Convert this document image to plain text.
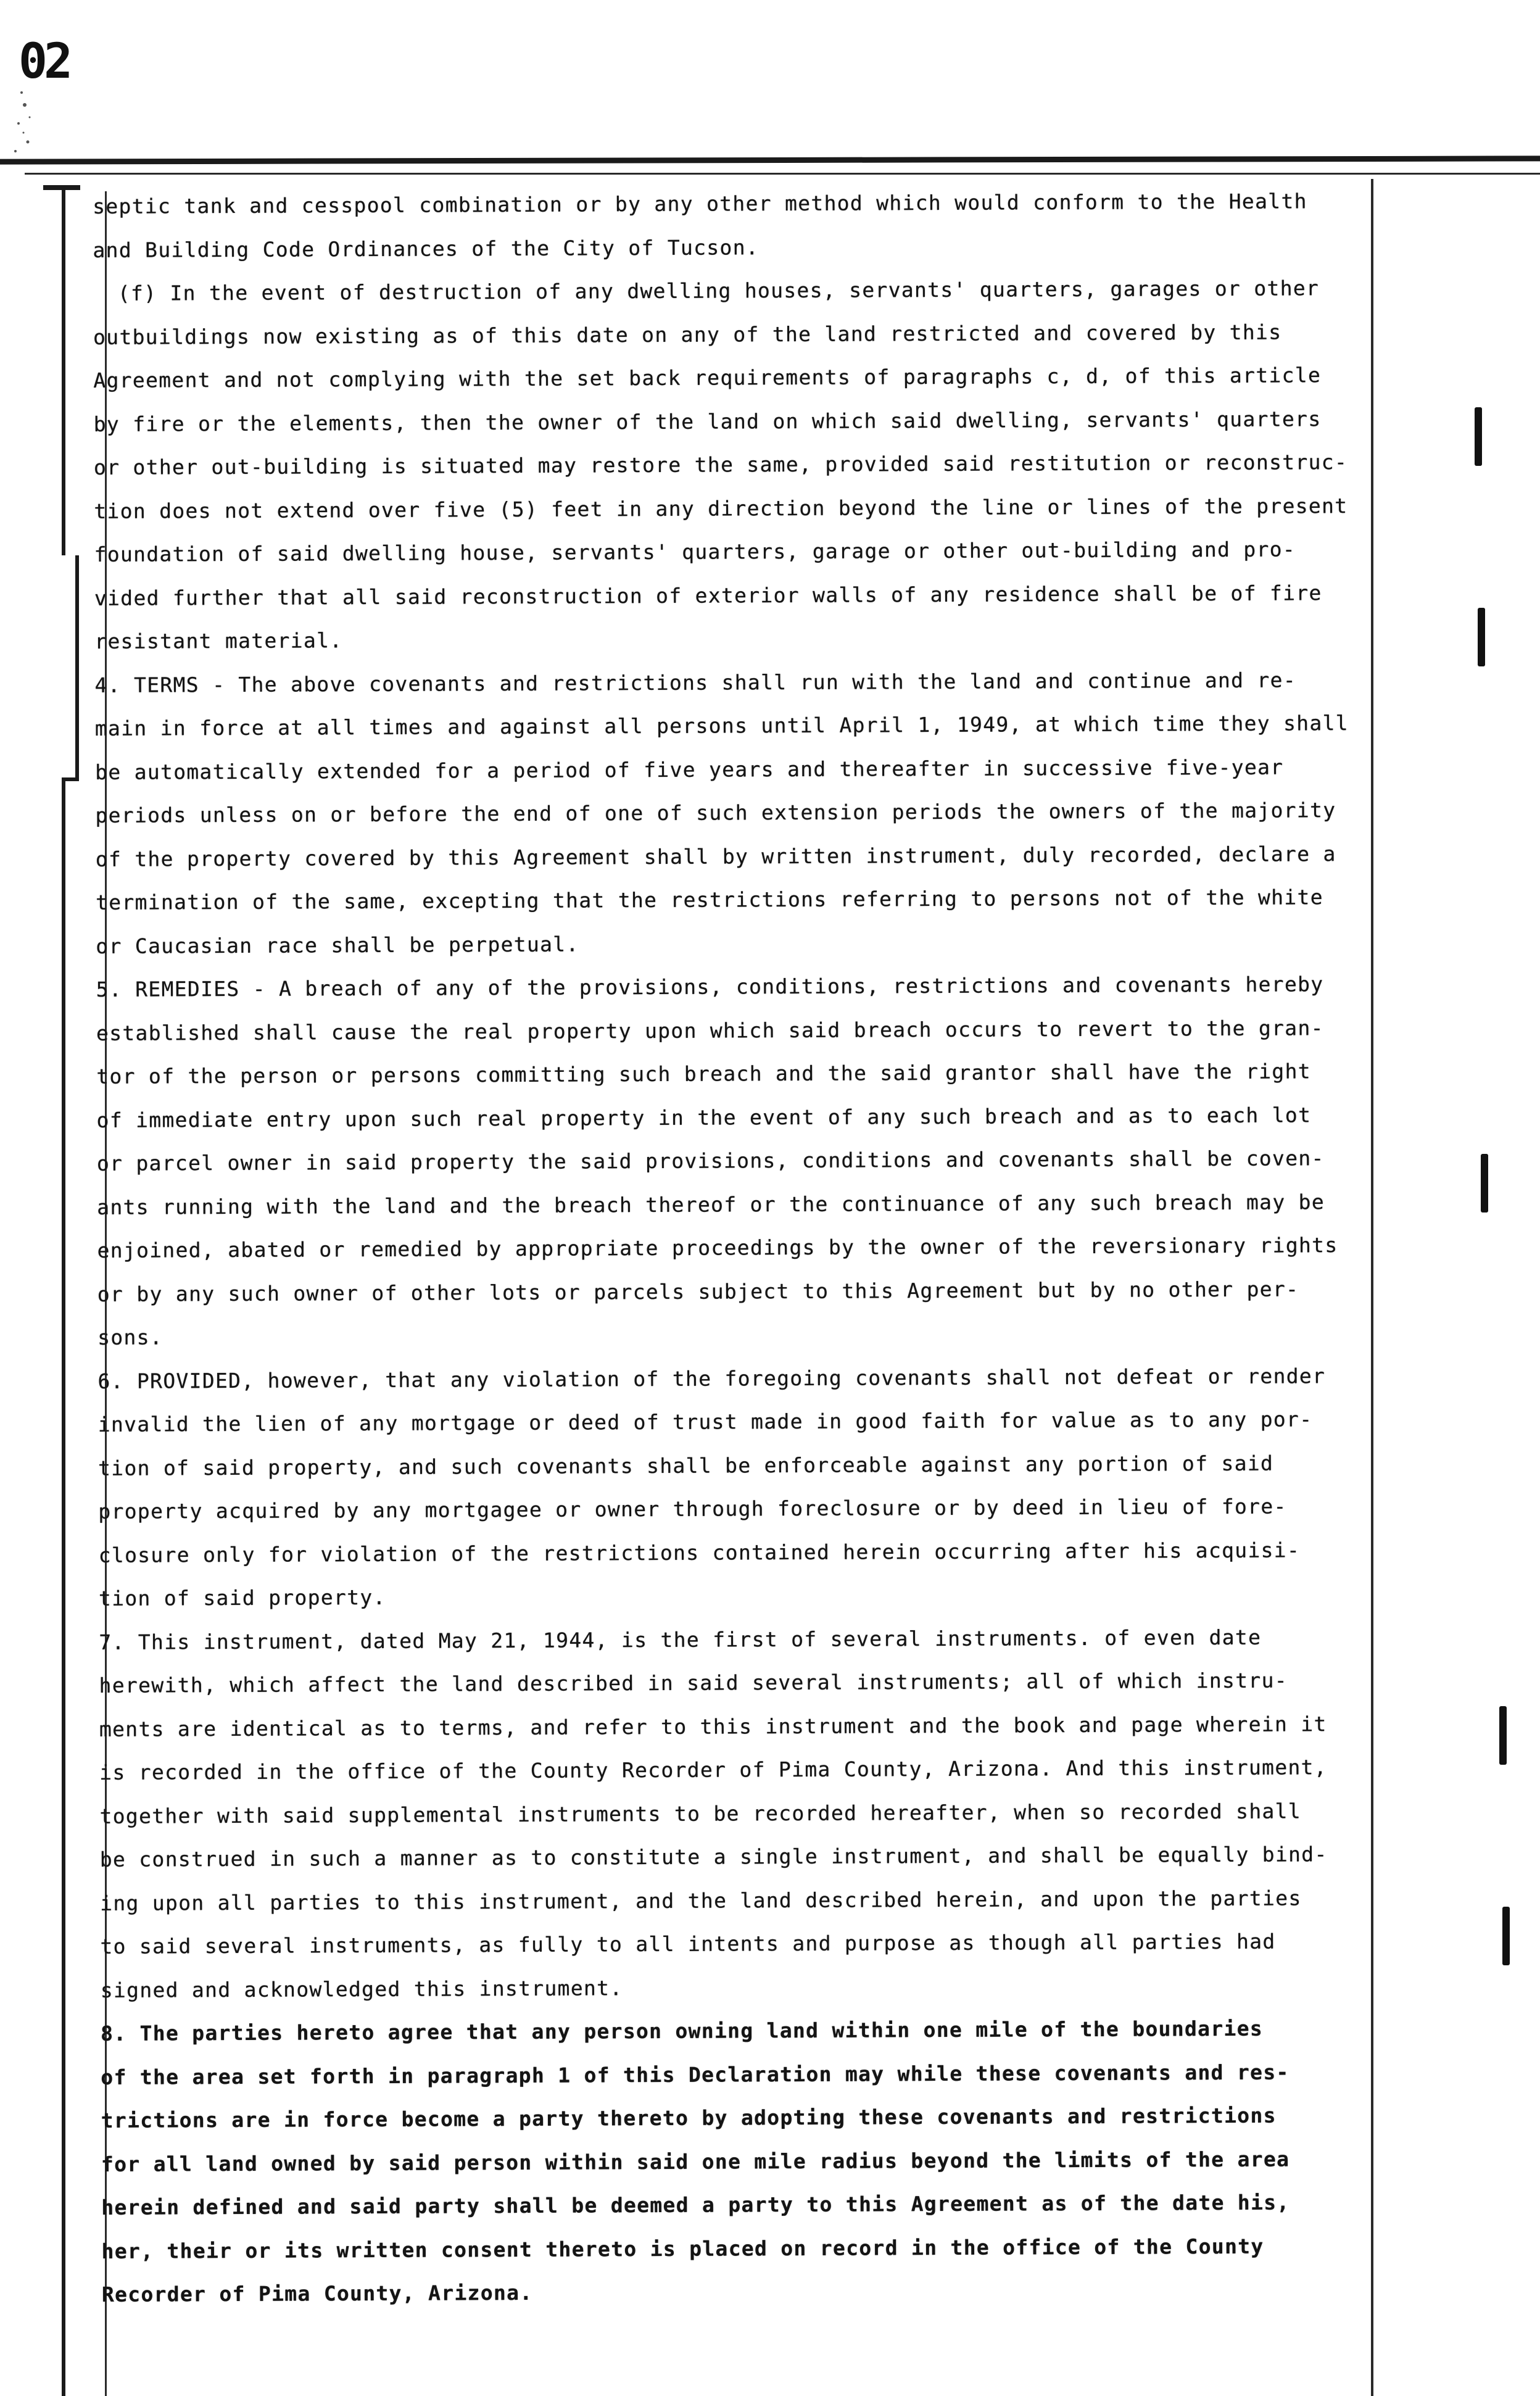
02
septic tank and cesspool combination or by any other method which would conform to the Health
and Building Code Ordinances of the City of Tucson.
(f) In the event of destruction of any dwelling houses, servants' quarters, garages or other
outbuildings now existing as of this date on any of the land restricted and covered by this
Agreement and not complying with the set back requirements of paragraphs c, d, of this article
by fire or the elements, then the owner of the land on which said dwelling, servants' quarters
or other out-building is situated may restore the same, provided said restitution or reconstruc-
tion does not extend over five (5) feet in any direction beyond the line or lines of the present
foundation of said dwelling house, servants' quarters, garage or other out-building and pro-
vided further that all said reconstruction of exterior walls of any residence shall be of fire
resistant material.
4. TERMS - The above covenants and restrictions shall run with the land and continue and re-
main in force at all times and against all persons until April 1, 1949, at which time they shall
be automatically extended for a period of five years and thereafter in successive five-year
periods unless on or before the end of one of such extension periods the owners of the majority
of the property covered by this Agreement shall by written instrument, duly recorded, declare a
termination of the same, excepting that the restrictions referring to persons not of the white
or Caucasian race shall be perpetual.
5. REMEDIES - A breach of any of the provisions, conditions, restrictions and covenants hereby
established shall cause the real property upon which said breach occurs to revert to the gran-
tor of the person or persons committing such breach and the said grantor shall have the right
of immediate entry upon such real property in the event of any such breach and as to each lot
or parcel owner in said property the said provisions, conditions and covenants shall be coven-
ants running with the land and the breach thereof or the continuance of any such breach may be
enjoined, abated or remedied by appropriate proceedings by the owner of the reversionary rights
or by any such owner of other lots or parcels subject to this Agreement but by no other per-
sons.
6. PROVIDED, however, that any violation of the foregoing covenants shall not defeat or render
invalid the lien of any mortgage or deed of trust made in good faith for value as to any por-
tion of said property, and such covenants shall be enforceable against any portion of said
property acquired by any mortgagee or owner through foreclosure or by deed in lieu of fore-
closure only for violation of the restrictions contained herein occurring after his acquisi-
tion of said property.
7. This instrument, dated May 21, 1944, is the first of several instruments. of even date
herewith, which affect the land described in said several instruments; all of which instru-
ments are identical as to terms, and refer to this instrument and the book and page wherein it
is recorded in the office of the County Recorder of Pima County, Arizona. And this instrument,
together with said supplemental instruments to be recorded hereafter, when so recorded shall
be construed in such a manner as to constitute a single instrument, and shall be equally bind-
ing upon all parties to this instrument, and the land described herein, and upon the parties
to said several instruments, as fully to all intents and purpose as though all parties had
signed and acknowledged this instrument.
8. The parties hereto agree that any person owning land within one mile of the boundaries
of the area set forth in paragraph 1 of this Declaration may while these covenants and res-
trictions are in force become a party thereto by adopting these covenants and restrictions
for all land owned by said person within said one mile radius beyond the limits of the area
herein defined and said party shall be deemed a party to this Agreement as of the date his,
her, their or its written consent thereto is placed on record in the office of the County
Recorder of Pima County, Arizona.
